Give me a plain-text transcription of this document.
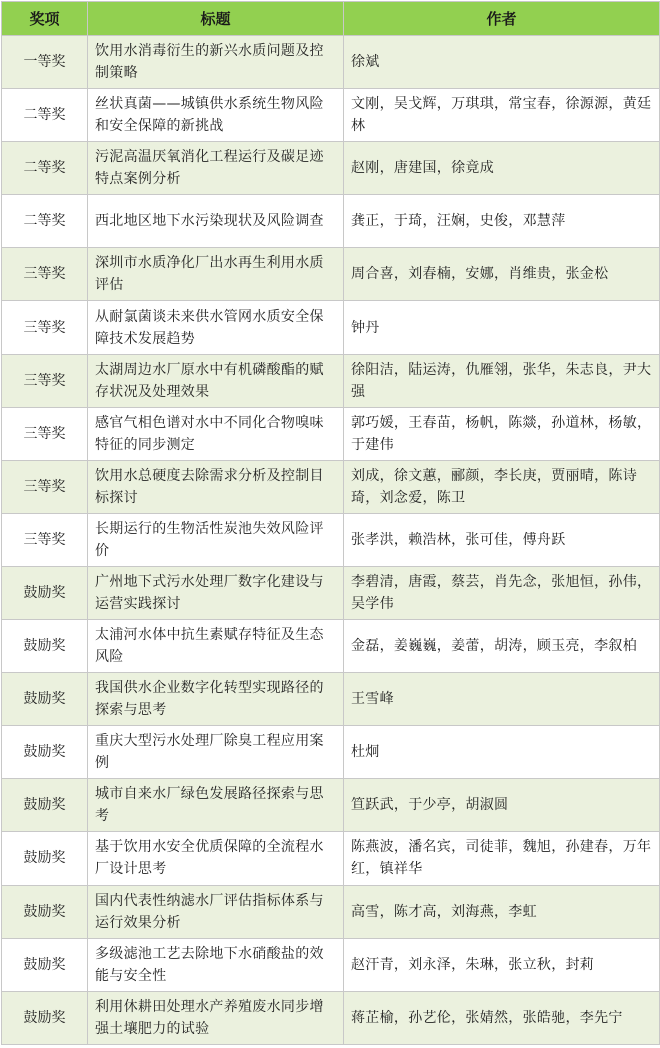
奖项	标题	作者
一等奖	饮用水消毒衍生的新兴水质问题及控制策略	徐斌
二等奖	丝状真菌——城镇供水系统生物风险和安全保障的新挑战	文刚，吴戈辉，万琪琪，常宝春，徐源源，黄廷林
二等奖	污泥高温厌氧消化工程运行及碳足迹特点案例分析	赵刚，唐建国，徐竟成
二等奖	西北地区地下水污染现状及风险调查	龚正，于琦，汪娴，史俊，邓慧萍
三等奖	深圳市水质净化厂出水再生利用水质评估	周合喜，刘春楠，安娜，肖维贵，张金松
三等奖	从耐氯菌谈未来供水管网水质安全保障技术发展趋势	钟丹
三等奖	太湖周边水厂原水中有机磷酸酯的赋存状况及处理效果	徐阳洁，陆运涛，仇雁翎，张华，朱志良，尹大强
三等奖	感官气相色谱对水中不同化合物嗅味特征的同步测定	郭巧媛，王春苗，杨帆，陈燚，孙道林，杨敏，于建伟
三等奖	饮用水总硬度去除需求分析及控制目标探讨	刘成，徐文蕙，郦颜，李长庚，贾丽晴，陈诗琦，刘念爱，陈卫
三等奖	长期运行的生物活性炭池失效风险评价	张孝洪，赖浩林，张可佳，傅舟跃
鼓励奖	广州地下式污水处理厂数字化建设与运营实践探讨	李碧清，唐霞，蔡芸，肖先念，张旭恒，孙伟，吴学伟
鼓励奖	太浦河水体中抗生素赋存特征及生态风险	金磊，姜巍巍，姜蕾，胡涛，顾玉亮，李叙柏
鼓励奖	我国供水企业数字化转型实现路径的探索与思考	王雪峰
鼓励奖	重庆大型污水处理厂除臭工程应用案例	杜炯
鼓励奖	城市自来水厂绿色发展路径探索与思考	笪跃武，于少亭，胡淑圆
鼓励奖	基于饮用水安全优质保障的全流程水厂设计思考	陈燕波，潘名宾，司徒菲，魏旭，孙建春，万年红，镇祥华
鼓励奖	国内代表性纳滤水厂评估指标体系与运行效果分析	高雪，陈才高，刘海燕，李虹
鼓励奖	多级滤池工艺去除地下水硝酸盐的效能与安全性	赵汗青，刘永泽，朱琳，张立秋，封莉
鼓励奖	利用休耕田处理水产养殖废水同步增强土壤肥力的试验	蒋芷榆，孙艺伦，张婧然，张皓驰，李先宁
